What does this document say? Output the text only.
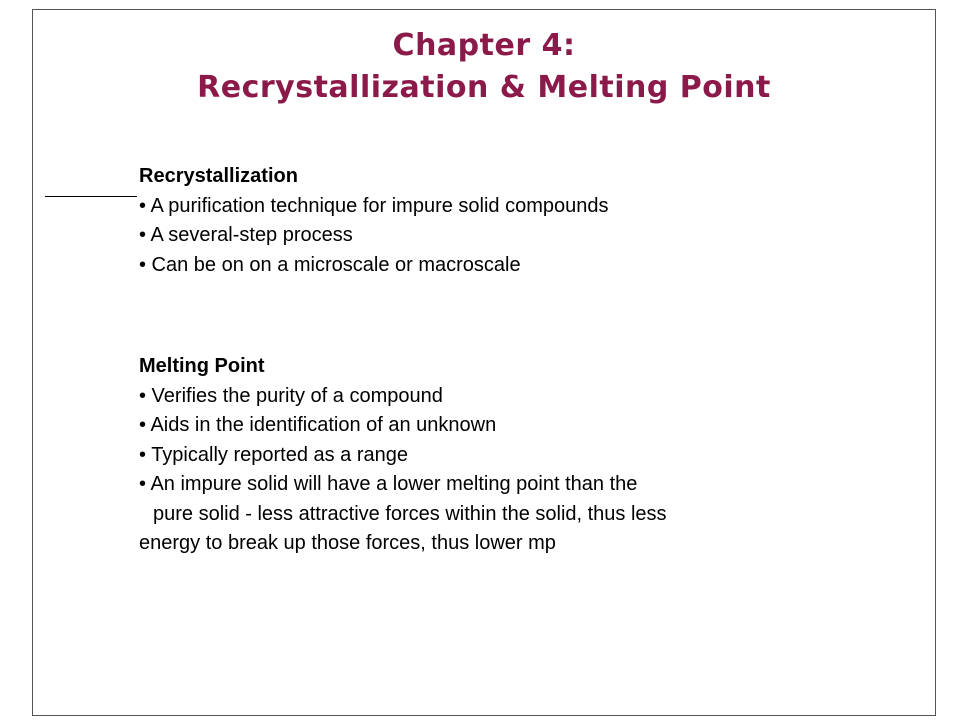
Chapter 4:
Recrystallization & Melting Point
Recrystallization
• A purification technique for impure solid compounds
• A several-step process
• Can be on on a microscale or macroscale
Melting Point
• Verifies the purity of a compound
• Aids in the identification of an unknown
• Typically reported as a range
• An impure solid will have a lower melting point than the
pure solid - less attractive forces within the solid, thus less
energy to break up those forces, thus lower mp
